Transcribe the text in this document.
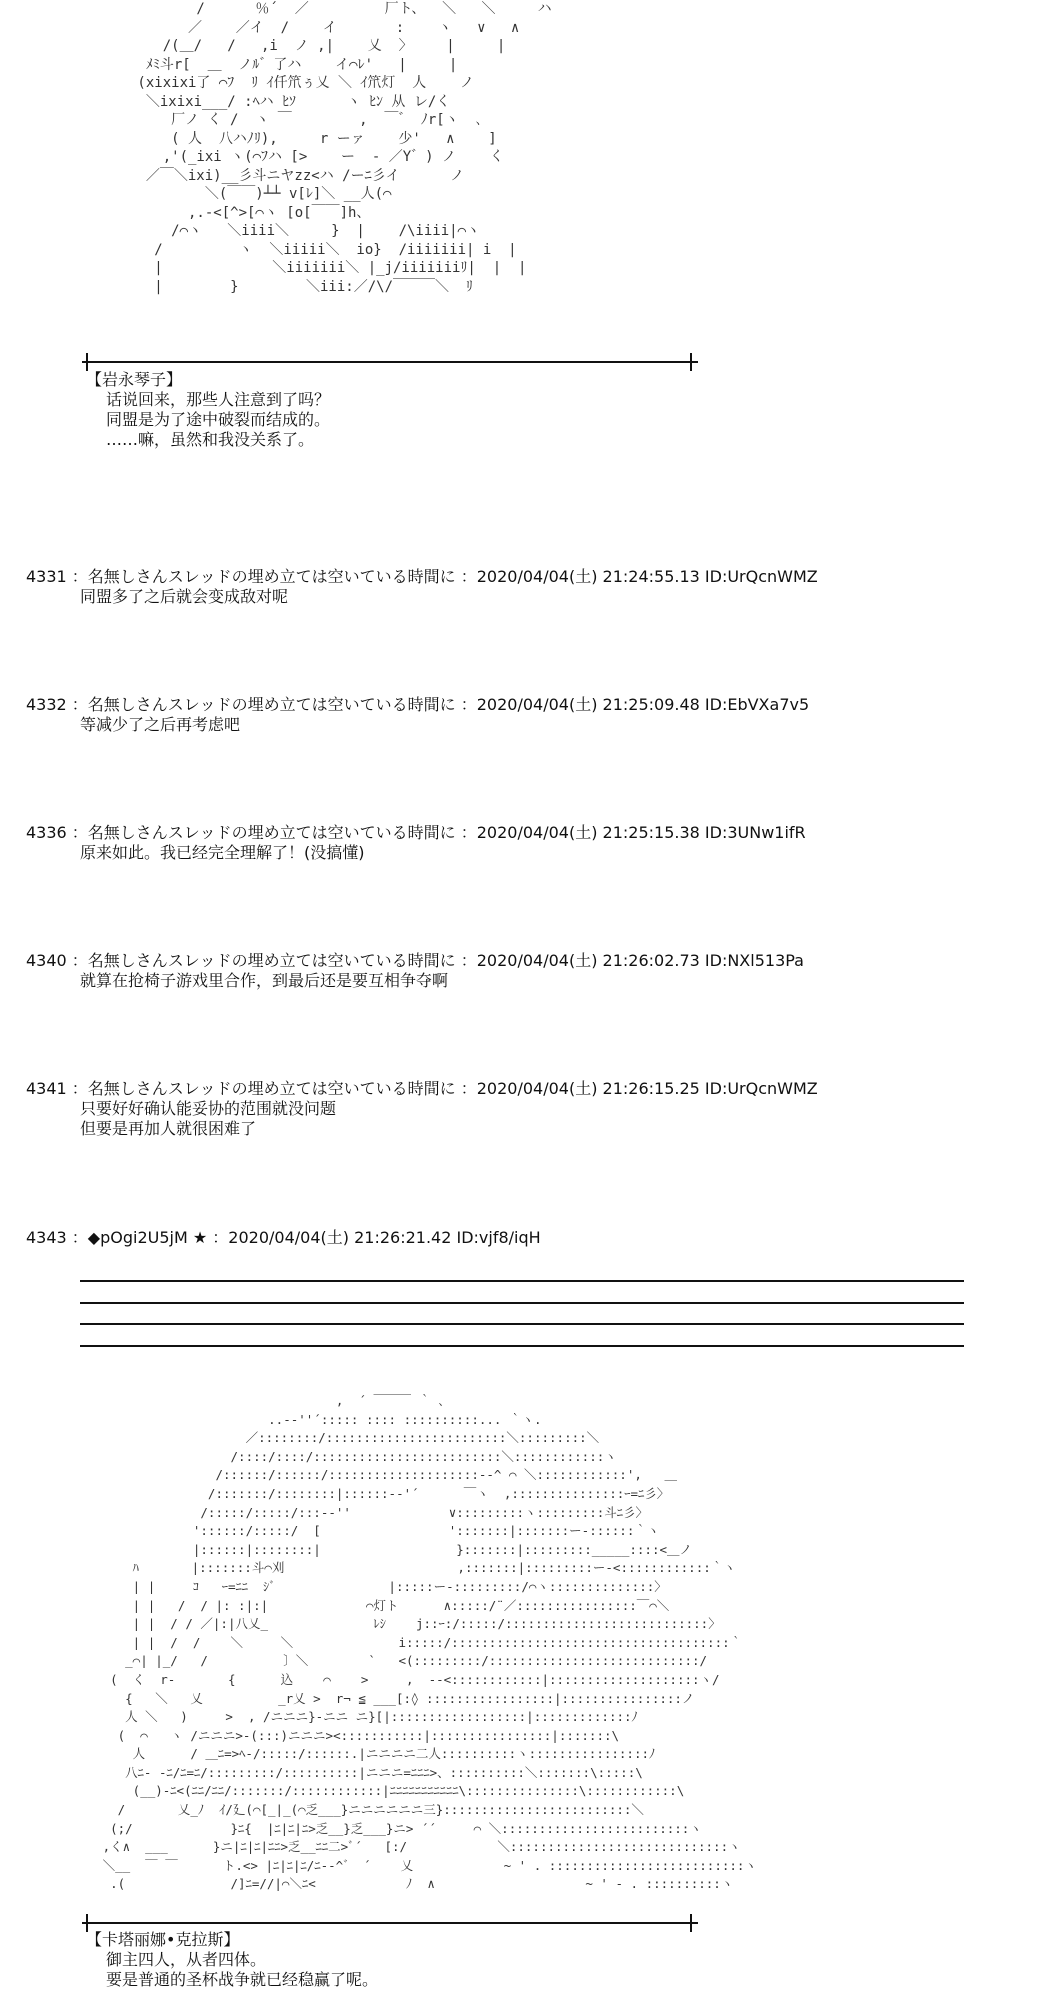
/      ％´  ／         厂ト、  ＼   ＼     ハ
／    ／イ  /    イ       :    ヽ   ∨   ∧
/(＿/   /   ,i  ノ ,|    乂  〉    |     |
ﾒﾐ斗r[  ＿  ノﾙ゛了ハ    イ⌒ﾚ'   |     |
(xixixi了 ⌒ﾌ  ﾘ ｲ仟笊ぅ乂 ＼ ｲ笊灯  人    ノ
＼ixixi___/ :ﾍハ ﾋｿ      ヽ ﾋﾝ 从 レ/く
厂ノ く /  ヽ ￣        ,  ￣゛ ﾉr[ヽ  ､
( 人  八ハﾉﾘ),     r ーァ    少'   ∧    ]
,'(_ixi ヽ(⌒ﾌハ [>    ー  - ／Y゛) ノ    く
／￣＼ixi)__彡斗ニヤzz<ハ /ーﾆ彡イ      ノ
＼(￣￣)┴┴ v[ﾚ]＼ __人(⌒
,.-<[^>[⌒ヽ [o[￣￣]h、
/⌒ヽ   ＼iiii＼     }  |    /\iiii|⌒ヽ
/         ヽ  ＼iiiii＼  io}  /iiiiiii| i  |
|             ＼iiiiiii＼ |_j/iiiiiiiﾘ|  |  |
|        }        ＼iii:／/\/￣￣￣＼  ﾘ
【岩永琴子】
话说回来，那些人注意到了吗？
同盟是为了途中破裂而结成的。
……嘛，虽然和我没关系了。
4331 ：名無しさんスレッドの埋め立ては空いている時間に ：2020/04/04(土) 21:24:55.13 ID:UrQcnWMZ
同盟多了之后就会变成敌对呢
4332 ：名無しさんスレッドの埋め立ては空いている時間に ：2020/04/04(土) 21:25:09.48 ID:EbVXa7v5
等减少了之后再考虑吧
4336 ：名無しさんスレッドの埋め立ては空いている時間に ：2020/04/04(土) 21:25:15.38 ID:3UNw1ifR
原来如此。我已经完全理解了！(没搞懂)
4340 ：名無しさんスレッドの埋め立ては空いている時間に ：2020/04/04(土) 21:26:02.73 ID:NXl513Pa
就算在抢椅子游戏里合作，到最后还是要互相争夺啊
4341 ：名無しさんスレッドの埋め立ては空いている時間に ：2020/04/04(土) 21:26:15.25 ID:UrQcnWMZ
只要好好确认能妥协的范围就没问题
但要是再加人就很困难了
4343 ：◆pOgi2U5jM ★ ：2020/04/04(土) 21:26:21.42 ID:vjf8/iqH
,  ´ ￣￣￣ ｀ ､
..-‐''´::::: :::: ::::::::::... ｀ヽ.
／::::::::/::::::::::::::::::::::::＼:::::::::＼
/::::/::::/:::::::::::::::::::::::::＼::::::::::::ヽ
/::::::/::::::/::::::::::::::::::::-‐^ ⌒ ＼::::::::::::',   ＿
/:::::::/::::::::|::::::-‐'´      ￣ヽ  ,:::::::::::::::ｰ=ﾆ彡〉
/:::::/:::::/:::-‐''             ∨:::::::::ヽ:::::::::斗ﾆ彡〉
'::::::/:::::/  [                 ':::::::|:::::::ー-::::::｀ヽ
|::::::|::::::::|                  }:::::::|:::::::::_____::::<＿ノ
ﾊ       |:::::::斗⌒刈                       ,:::::::|:::::::::ー-<::::::::::::｀ヽ
| |     ｺ   ｰ=ﾆﾆ  ｼﾞ               |:::::ー-:::::::::/⌒ヽ::::::::::::::〉
| |   /  / |: :|:|             ⌒灯ト      ∧:::::/¨／::::::::::::::::￣⌒＼
| |  / / ／|:|八乂_              ﾚｼ    j::ｰ:/:::::/:::::::::::::::::::::::::::〉
| |  /  /    ＼     ＼              i:::::/:::::::::::::::::::::::::::::::::::::｀
_⌒| |_/   /          〕＼        `   <(:::::::::/::::::::::::::::::::::::::::/
(  く  r-       {      込    ⌒    >     ,  -‐<::::::::::::|::::::::::::::::::::ヽ/
{   ＼   乂          _r乂 >  r¬ ≦ ___[:◊ :::::::::::::::::|::::::::::::::::ノ
人 ＼   )     >  , /ニニニ}-ニニ ニ}[|::::::::::::::::::|:::::::::::::ﾉ
(  ⌒   ヽ /ニニニ>-(:::)ニニニ><:::::::::::|::::::::::::::::|:::::::\
人      / ＿ﾆ=>ﾍ-/:::::/::::::.|ニニニニ二人::::::::::ヽ::::::::::::::::ﾉ
八ﾆ- -ﾆ/ﾆ=ﾆ/:::::::::/::::::::::|ニニニ=ﾆﾆﾆ>、::::::::::＼:::::::\:::::\
(__)-ﾆ<(ﾆﾆ/ﾆﾆ/:::::::/::::::::::::|ﾆﾆﾆﾆﾆﾆﾆﾆﾆﾆﾆ\:::::::::::::::\::::::::::::\
/       乂_ﾉ  ｲ/廴(⌒[_|_(⌒乏___}ニニニニニニ三}:::::::::::::::::::::::::＼
(;/             }ﾆ{  |ﾆ|ﾆ|ﾆ>乏__}乏___}ニ> ´´     ⌒ ＼:::::::::::::::::::::::::ヽ
,く∧  ___      }ニ|ﾆ|ﾆ|ﾆﾆ>乏__ﾆﾆ二>ﾞ´   [:/            ＼:::::::::::::::::::::::::::::ヽ
＼__  ￣ ￣      ト.<> |ﾆ|ﾆ|ﾆ/ﾆ--^゛ ´    乂            ~ ' . ::::::::::::::::::::::::::ヽ
.(              /]ﾆ=//|⌒＼ﾆ<            ﾉ  ∧                    ~ ' - . ::::::::::ヽ
【卡塔丽娜•克拉斯】
御主四人，从者四体。
要是普通的圣杯战争就已经稳赢了呢。
